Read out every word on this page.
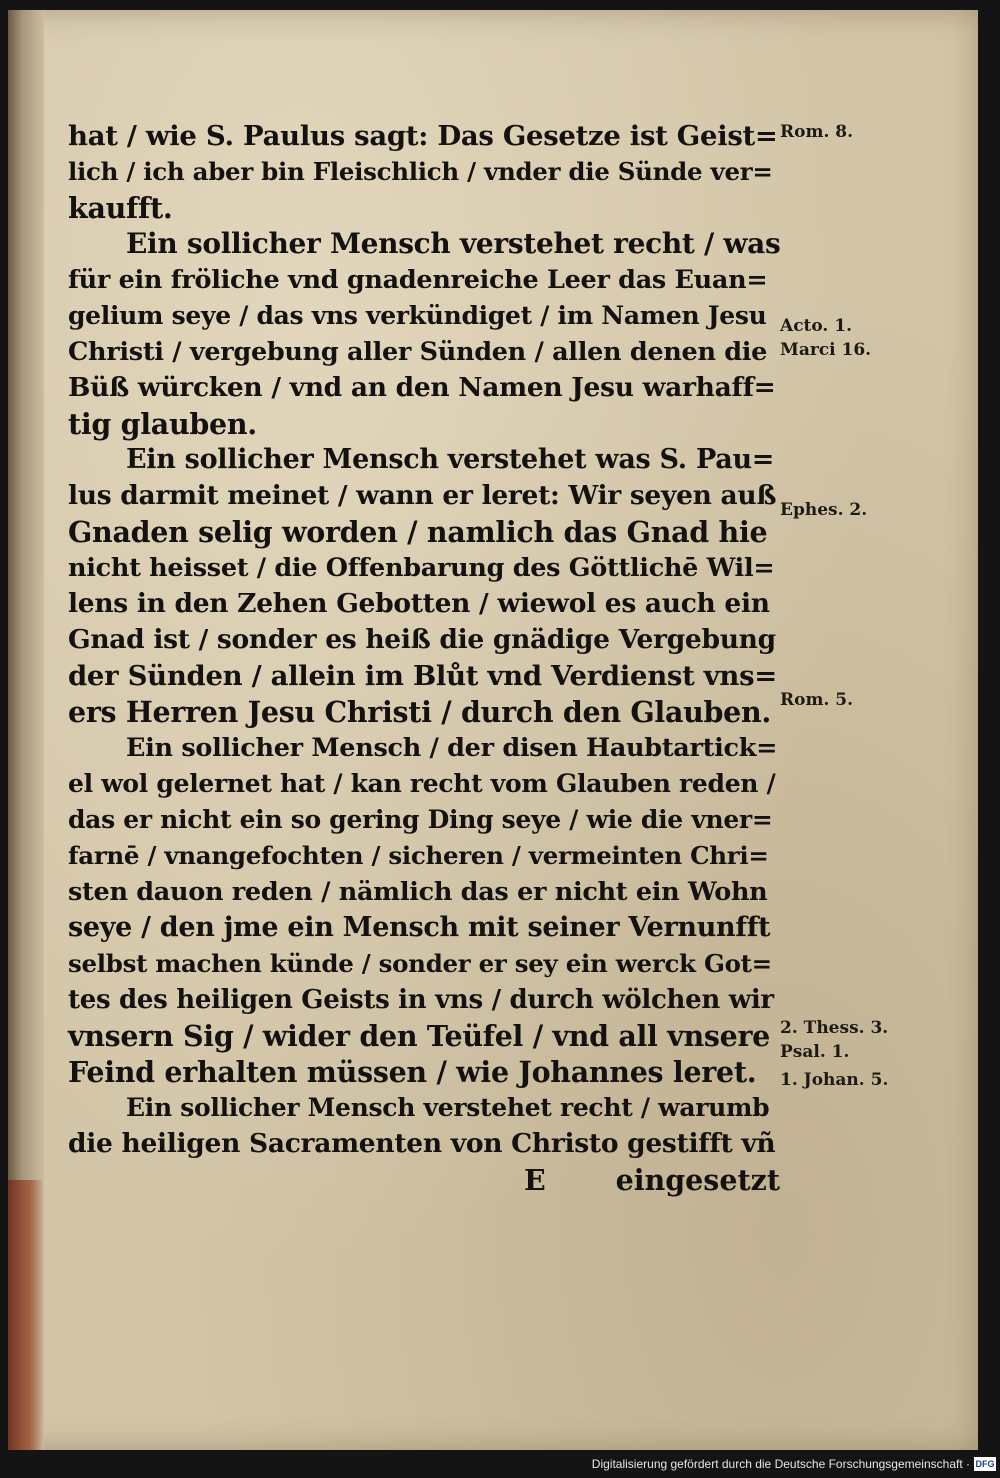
hat / wie S. Paulus sagt: Das Gesetze ist Geist=
lich / ich aber bin Fleischlich / vnder die Sünde ver=
kaufft.
Ein sollicher Mensch verstehet recht / was
für ein fröliche vnd gnadenreiche Leer das Euan=
gelium seye / das vns verkündiget / im Namen Jesu
Christi / vergebung aller Sünden / allen denen die
Büß würcken / vnd an den Namen Jesu warhaff=
tig glauben.
Ein sollicher Mensch verstehet was S. Pau=
lus darmit meinet / wann er leret: Wir seyen auß
Gnaden selig worden / namlich das Gnad hie
nicht heisset / die Offenbarung des Göttlichē Wil=
lens in den Zehen Gebotten / wiewol es auch ein
Gnad ist / sonder es heiß die gnädige Vergebung
der Sünden / allein im Blůt vnd Verdienst vns=
ers Herren Jesu Christi / durch den Glauben.
Ein sollicher Mensch / der disen Haubtartick=
el wol gelernet hat / kan recht vom Glauben reden /
das er nicht ein so gering Ding seye / wie die vner=
farnē / vnangefochten / sicheren / vermeinten Chri=
sten dauon reden / nämlich das er nicht ein Wohn
seye / den jme ein Mensch mit seiner Vernunfft
selbst machen künde / sonder er sey ein werck Got=
tes des heiligen Geists in vns / durch wölchen wir
vnsern Sig / wider den Teüfel / vnd all vnsere
Feind erhalten müssen / wie Johannes leret.
Ein sollicher Mensch verstehet recht / warumb
die heiligen Sacramenten von Christo gestifft vñ
E eingesetzt
Rom. 8.
Acto. 1.
Marci 16.
Ephes. 2.
Rom. 5.
2. Thess. 3.
Psal. 1.
1. Johan. 5.
Digitalisierung gefördert durch die Deutsche Forschungsgemeinschaft · DFG
